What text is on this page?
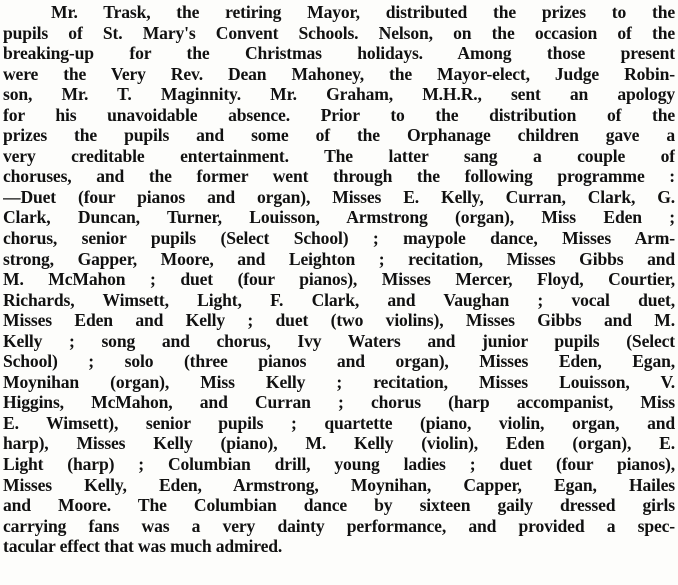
Mr. Trask, the retiring Mayor, distributed the prizes to the
pupils of St. Mary's Convent Schools. Nelson, on the occasion of the
breaking-up for the Christmas holidays. Among those present
were the Very Rev. Dean Mahoney, the Mayor-elect, Judge Robin-
son, Mr. T. Maginnity. Mr. Graham, M.H.R., sent an apology
for his unavoidable absence. Prior to the distribution of the
prizes the pupils and some of the Orphanage children gave a
very creditable entertainment. The latter sang a couple of
choruses, and the former went through the following programme :
—Duet (four pianos and organ), Misses E. Kelly, Curran, Clark, G.
Clark, Duncan, Turner, Louisson, Armstrong (organ), Miss Eden ;
chorus, senior pupils (Select School) ; maypole dance, Misses Arm-
strong, Gapper, Moore, and Leighton ; recitation, Misses Gibbs and
M. McMahon ; duet (four pianos), Misses Mercer, Floyd, Courtier,
Richards, Wimsett, Light, F. Clark, and Vaughan ; vocal duet,
Misses Eden and Kelly ; duet (two violins), Misses Gibbs and M.
Kelly ; song and chorus, Ivy Waters and junior pupils (Select
School) ; solo (three pianos and organ), Misses Eden, Egan,
Moynihan (organ), Miss Kelly ; recitation, Misses Louisson, V.
Higgins, McMahon, and Curran ; chorus (harp accompanist, Miss
E. Wimsett), senior pupils ; quartette (piano, violin, organ, and
harp), Misses Kelly (piano), M. Kelly (violin), Eden (organ), E.
Light (harp) ; Columbian drill, young ladies ; duet (four pianos),
Misses Kelly, Eden, Armstrong, Moynihan, Capper, Egan, Hailes
and Moore. The Columbian dance by sixteen gaily dressed girls
carrying fans was a very dainty performance, and provided a spec-
tacular effect that was much admired.
